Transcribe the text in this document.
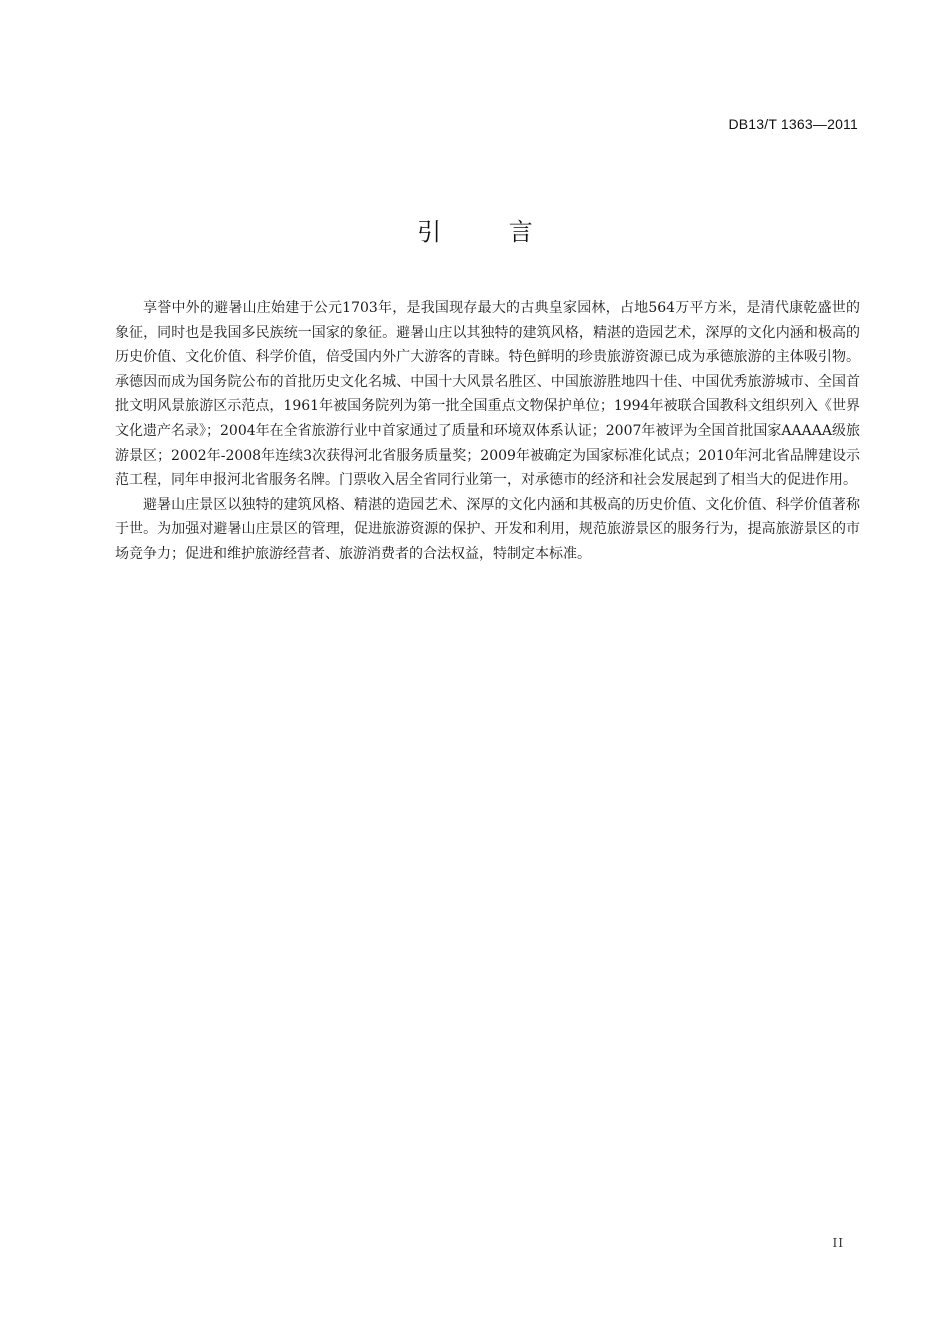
DB13/T 1363—2011
引 言

享誉中外的避暑山庄始建于公元1703年，是我国现存最大的古典皇家园林，占地564万平方米，是清代康乾盛世的象征，同时也是我国多民族统一国家的象征。避暑山庄以其独特的建筑风格，精湛的造园艺术，深厚的文化内涵和极高的历史价值、文化价值、科学价值，倍受国内外广大游客的青睐。特色鲜明的珍贵旅游资源已成为承德旅游的主体吸引物。承德因而成为国务院公布的首批历史文化名城、中国十大风景名胜区、中国旅游胜地四十佳、中国优秀旅游城市、全国首批文明风景旅游区示范点，1961年被国务院列为第一批全国重点文物保护单位；1994年被联合国教科文组织列入《世界文化遗产名录》；2004年在全省旅游行业中首家通过了质量和环境双体系认证；2007年被评为全国首批国家AAAAA级旅游景区；2002年-2008年连续3次获得河北省服务质量奖；2009年被确定为国家标准化试点；2010年河北省品牌建设示范工程，同年申报河北省服务名牌。门票收入居全省同行业第一，对承德市的经济和社会发展起到了相当大的促进作用。

避暑山庄景区以独特的建筑风格、精湛的造园艺术、深厚的文化内涵和其极高的历史价值、文化价值、科学价值著称于世。为加强对避暑山庄景区的管理，促进旅游资源的保护、开发和利用，规范旅游景区的服务行为，提高旅游景区的市场竞争力；促进和维护旅游经营者、旅游消费者的合法权益，特制定本标准。

II
